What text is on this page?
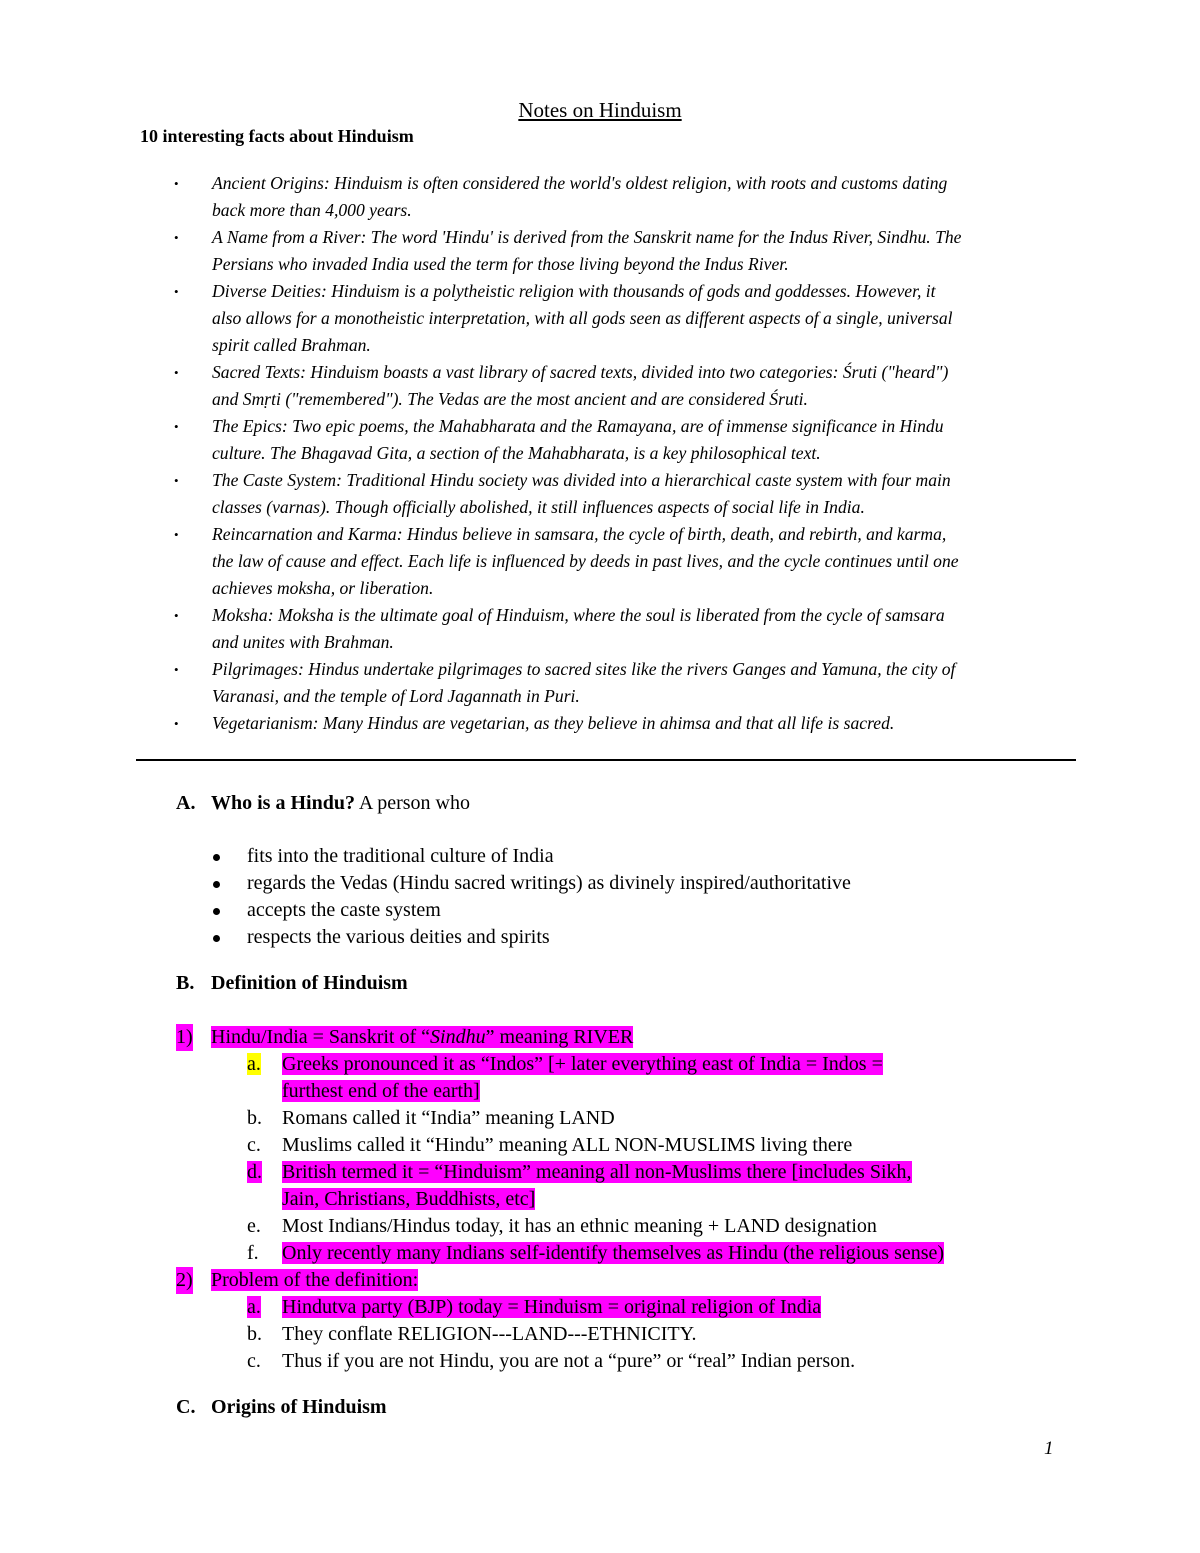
Notes on Hinduism
10 interesting facts about Hinduism
• Ancient Origins: Hinduism is often considered the world's oldest religion, with roots and customs dating
back more than 4,000 years.
• A Name from a River: The word 'Hindu' is derived from the Sanskrit name for the Indus River, Sindhu. The
Persians who invaded India used the term for those living beyond the Indus River.
• Diverse Deities: Hinduism is a polytheistic religion with thousands of gods and goddesses. However, it
also allows for a monotheistic interpretation, with all gods seen as different aspects of a single, universal
spirit called Brahman.
• Sacred Texts: Hinduism boasts a vast library of sacred texts, divided into two categories: Śruti ("heard")
and Smṛti ("remembered"). The Vedas are the most ancient and are considered Śruti.
• The Epics: Two epic poems, the Mahabharata and the Ramayana, are of immense significance in Hindu
culture. The Bhagavad Gita, a section of the Mahabharata, is a key philosophical text.
• The Caste System: Traditional Hindu society was divided into a hierarchical caste system with four main
classes (varnas). Though officially abolished, it still influences aspects of social life in India.
• Reincarnation and Karma: Hindus believe in samsara, the cycle of birth, death, and rebirth, and karma,
the law of cause and effect. Each life is influenced by deeds in past lives, and the cycle continues until one
achieves moksha, or liberation.
• Moksha: Moksha is the ultimate goal of Hinduism, where the soul is liberated from the cycle of samsara
and unites with Brahman.
• Pilgrimages: Hindus undertake pilgrimages to sacred sites like the rivers Ganges and Yamuna, the city of
Varanasi, and the temple of Lord Jagannath in Puri.
• Vegetarianism: Many Hindus are vegetarian, as they believe in ahimsa and that all life is sacred.
A. Who is a Hindu? A person who
fits into the traditional culture of India
regards the Vedas (Hindu sacred writings) as divinely inspired/authoritative
accepts the caste system
respects the various deities and spirits
B. Definition of Hinduism
1) Hindu/India = Sanskrit of “Sindhu” meaning RIVER
a.	Greeks pronounced it as “Indos” [+ later everything east of India = Indos =
furthest end of the earth]
b.	Romans called it “India” meaning LAND
c.	Muslims called it “Hindu” meaning ALL NON-MUSLIMS living there
d.	British termed it = “Hinduism” meaning all non-Muslims there [includes Sikh,
Jain, Christians, Buddhists, etc]
e.	Most Indians/Hindus today, it has an ethnic meaning + LAND designation
f.	Only recently many Indians self-identify themselves as Hindu (the religious sense)
2) Problem of the definition:
a.	Hindutva party (BJP) today = Hinduism = original religion of India
b.	They conflate RELIGION---LAND---ETHNICITY.
c.	Thus if you are not Hindu, you are not a “pure” or “real” Indian person.
C. Origins of Hinduism
1
